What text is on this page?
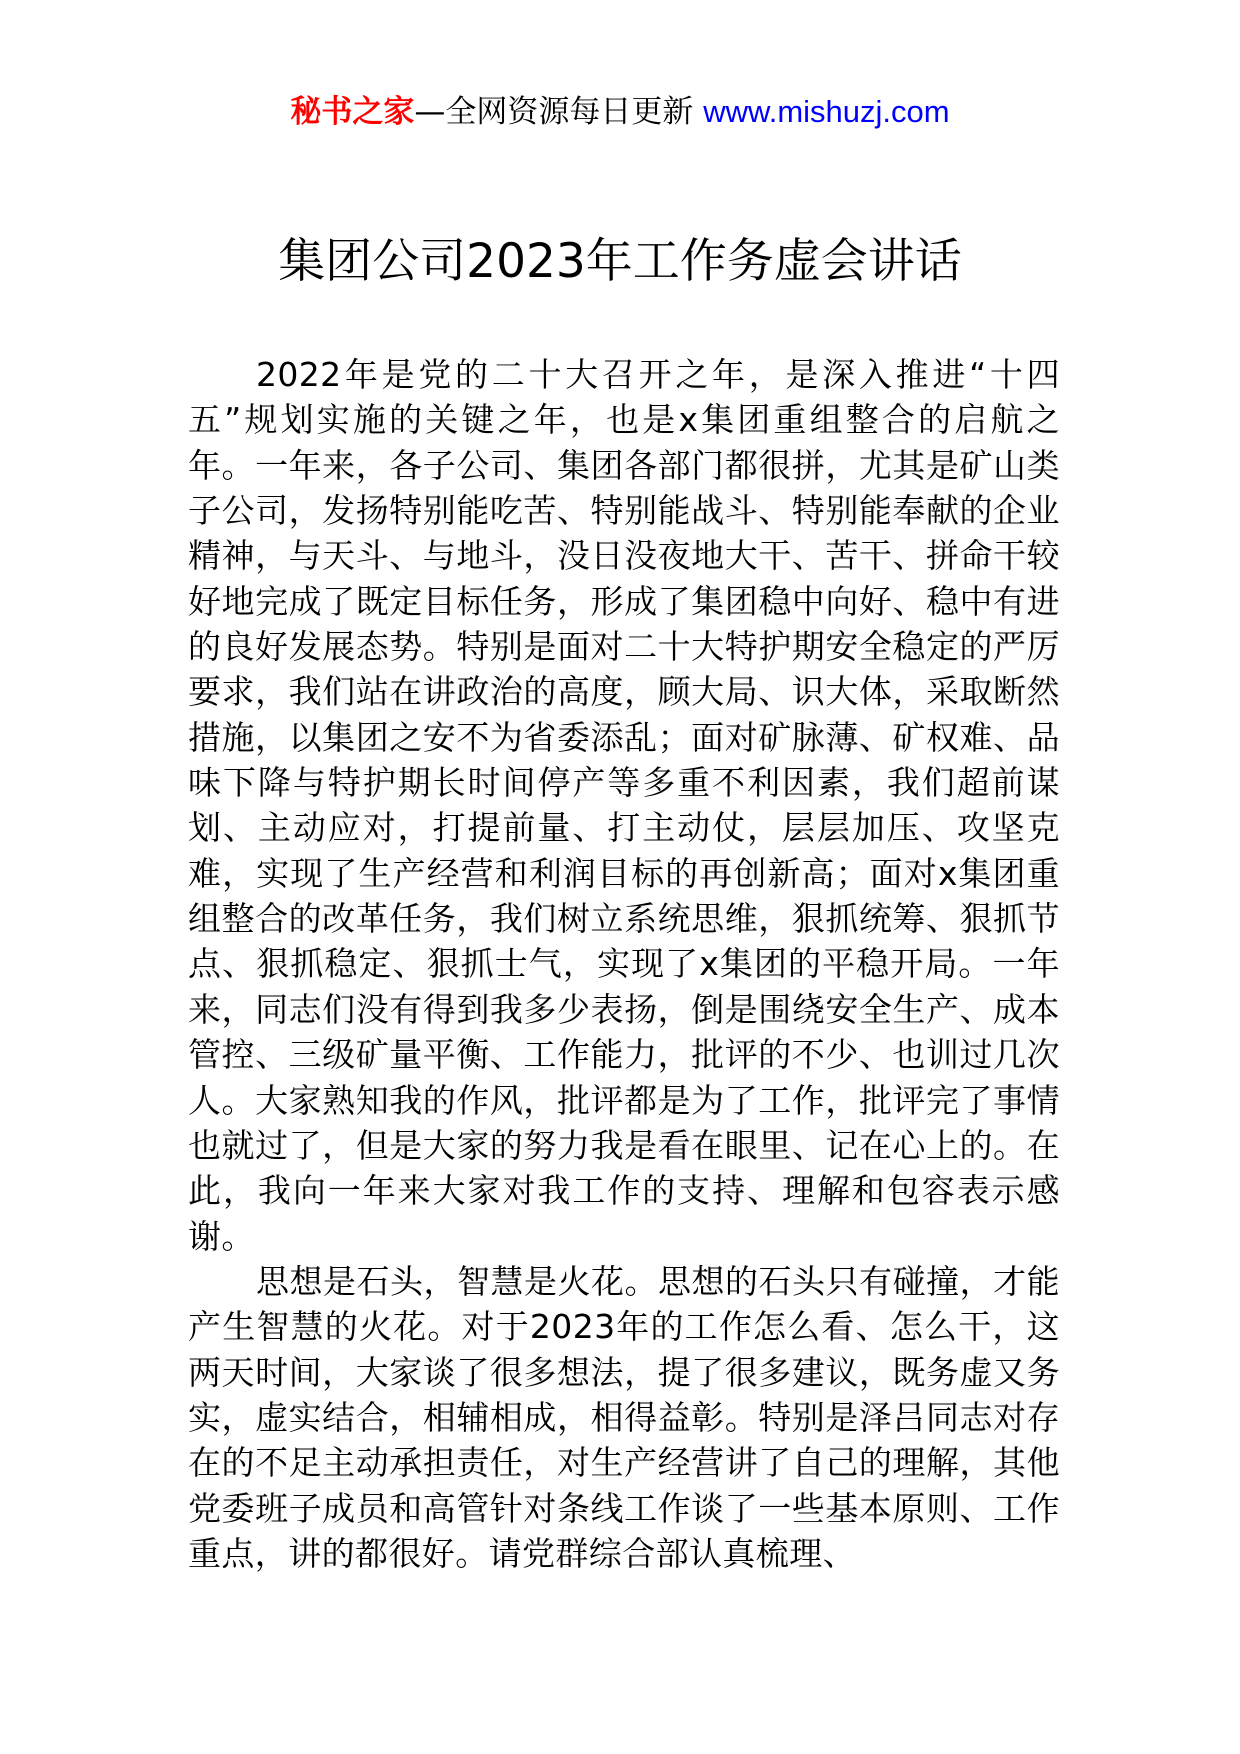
秘书之家—全网资源每日更新 www.mishuzj.com
集团公司2023年工作务虚会讲话

2022年是党的二十大召开之年，是深入推进“十四五”规划实施的关键之年，也是x集团重组整合的启航之年。一年来，各子公司、集团各部门都很拼，尤其是矿山类子公司，发扬特别能吃苦、特别能战斗、特别能奉献的企业精神，与天斗、与地斗，没日没夜地大干、苦干、拼命干较好地完成了既定目标任务，形成了集团稳中向好、稳中有进的良好发展态势。特别是面对二十大特护期安全稳定的严厉要求，我们站在讲政治的高度，顾大局、识大体，采取断然措施，以集团之安不为省委添乱；面对矿脉薄、矿权难、品味下降与特护期长时间停产等多重不利因素，我们超前谋划、主动应对，打提前量、打主动仗，层层加压、攻坚克难，实现了生产经营和利润目标的再创新高；面对x集团重组整合的改革任务，我们树立系统思维，狠抓统筹、狠抓节点、狠抓稳定、狠抓士气，实现了x集团的平稳开局。一年来，同志们没有得到我多少表扬，倒是围绕安全生产、成本管控、三级矿量平衡、工作能力，批评的不少、也训过几次人。大家熟知我的作风，批评都是为了工作，批评完了事情也就过了，但是大家的努力我是看在眼里、记在心上的。在此，我向一年来大家对我工作的支持、理解和包容表示感谢。

思想是石头，智慧是火花。思想的石头只有碰撞，才能产生智慧的火花。对于2023年的工作怎么看、怎么干，这两天时间，大家谈了很多想法，提了很多建议，既务虚又务实，虚实结合，相辅相成，相得益彰。特别是泽吕同志对存在的不足主动承担责任，对生产经营讲了自己的理解，其他党委班子成员和高管针对条线工作谈了一些基本原则、工作重点，讲的都很好。请党群综合部认真梳理、
